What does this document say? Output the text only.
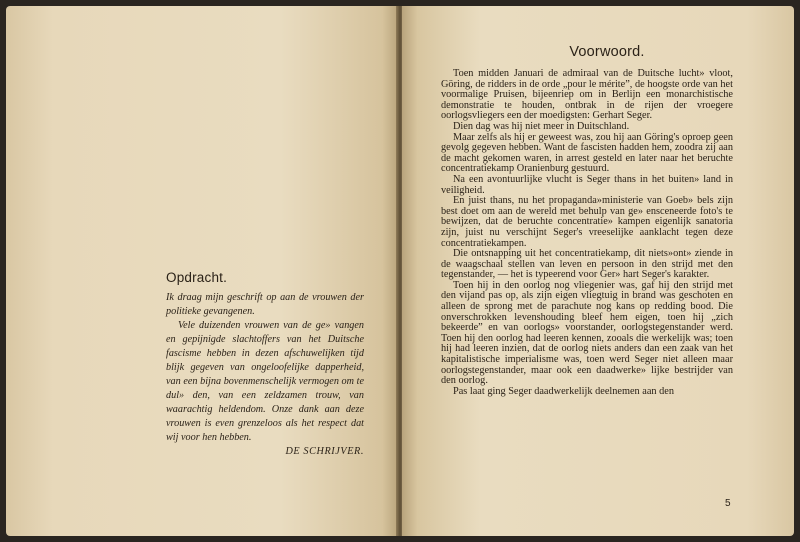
Opdracht.

Ik draag mijn geschrift op aan de vrouwen der politieke gevangenen.

Vele duizenden vrouwen van de ge» vangen en gepijnigde slachtoffers van het Duitsche fascisme hebben in dezen afschuwelijken tijd blijk gegeven van ongeloofelijke dapperheid, van een bijna bovenmenschelijk vermogen om te dul» den, van een zeldzamen trouw, van waarachtig heldendom. Onze dank aan deze vrouwen is even grenzeloos als het respect dat wij voor hen hebben.

DE SCHRIJVER.
Voorwoord.

Toen midden Januari de admiraal van de Duitsche lucht» vloot, Göring, de ridders in de orde „pour le mérite”, de hoogste orde van het voormalige Pruisen, bijeenriep om in Berlijn een monarchistische demonstratie te houden, ontbrak in de rijen der vroegere oorlogsvliegers een der moedigsten: Gerhart Seger.

Dien dag was hij niet meer in Duitschland.

Maar zelfs als hij er geweest was, zou hij aan Göring's oproep geen gevolg gegeven hebben. Want de fascisten hadden hem, zoodra zij aan de macht gekomen waren, in arrest gesteld en later naar het beruchte concentratiekamp Oranienburg gestuurd.

Na een avontuurlijke vlucht is Seger thans in het buiten» land in veiligheid.

En juist thans, nu het propaganda»ministerie van Goeb» bels zijn best doet om aan de wereld met behulp van ge» ensceneerde foto's te bewijzen, dat de beruchte concentratie» kampen eigenlijk sanatoria zijn, juist nu verschijnt Seger's vreeselijke aanklacht tegen deze concentratiekampen.

Die ontsnapping uit het concentratiekamp, dit niets»ont» ziende in de waagschaal stellen van leven en persoon in den strijd met den tegenstander, — het is typeerend voor Ger» hart Seger's karakter.

Toen hij in den oorlog nog vliegenier was, gaf hij den strijd met den vijand pas op, als zijn eigen vliegtuig in brand was geschoten en alleen de sprong met de parachute nog kans op redding bood. Die onverschrokken levenshouding bleef hem eigen, toen hij „zich bekeerde” en van oorlogs» voorstander, oorlogstegenstander werd. Toen hij den oorlog had leeren kennen, zooals die werkelijk was; toen hij had leeren inzien, dat de oorlog niets anders dan een zaak van het kapitalistische imperialisme was, toen werd Seger niet alleen maar oorlogstegenstander, maar ook een daadwerke» lijke bestrijder van den oorlog.

Pas laat ging Seger daadwerkelijk deelnemen aan den

5
